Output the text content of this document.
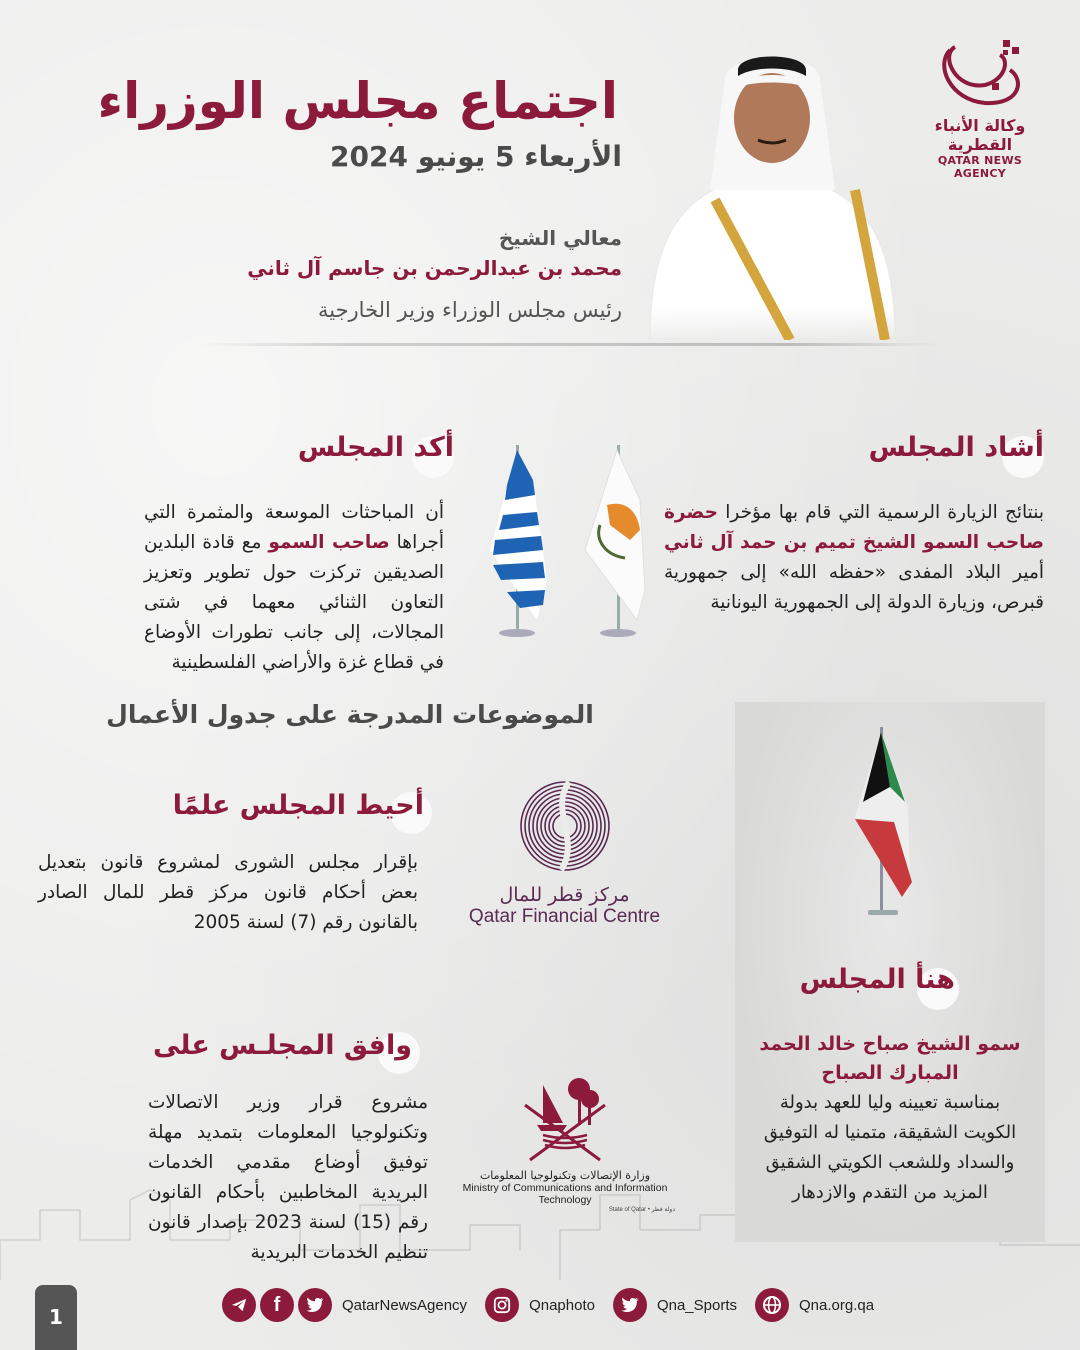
وكالة الأنباء القطرية
QATAR NEWS AGENCY
اجتماع مجلس الوزراء
الأربعاء 5 يونيو 2024
معالي الشيخ
محمد بن عبدالرحمن بن جاسم آل ثاني
رئيس مجلس الوزراء وزير الخارجية
أشاد المجلس
بنتائج الزيارة الرسمية التي قام بها مؤخرا حضرة صاحب السمو الشيخ تميم بن حمد آل ثاني أمير البلاد المفدى «حفظه الله» إلى جمهورية قبرص، وزيارة الدولة إلى الجمهورية اليونانية
أكد المجلس
أن المباحثات الموسعة والمثمرة التي أجراها صاحب السمو مع قادة البلدين الصديقين تركزت حول تطوير وتعزيز التعاون الثنائي معهما في شتى المجالات، إلى جانب تطورات الأوضاع في قطاع غزة والأراضي الفلسطينية
الموضوعات المدرجة على جدول الأعمال
أحيط المجلس علمًا
بإقرار مجلس الشورى لمشروع قانون بتعديل بعض أحكام قانون مركز قطر للمال الصادر بالقانون رقم (7) لسنة 2005
مركز قطر للمال
Qatar Financial Centre
هنأ المجلس
سمو الشيخ صباح خالد الحمد المبارك الصباح
بمناسبة تعيينه وليا للعهد بدولة الكويت الشقيقة، متمنيا له التوفيق والسداد وللشعب الكويتي الشقيق المزيد من التقدم والازدهار
وافق المجلـس على
مشروع قرار وزير الاتصالات وتكنولوجيا المعلومات بتمديد مهلة توفيق أوضاع مقدمي الخدمات البريدية المخاطبين بأحكام القانون رقم (15) لسنة 2023 بإصدار قانون تنظيم الخدمات البريدية
وزارة الإتصالات وتكنولوجيا المعلومات
Ministry of Communications and Information Technology
State of Qatar • دولة قطر
1
f	QatarNewsAgency	Qnaphoto	Qna_Sports	Qna.org.qa
